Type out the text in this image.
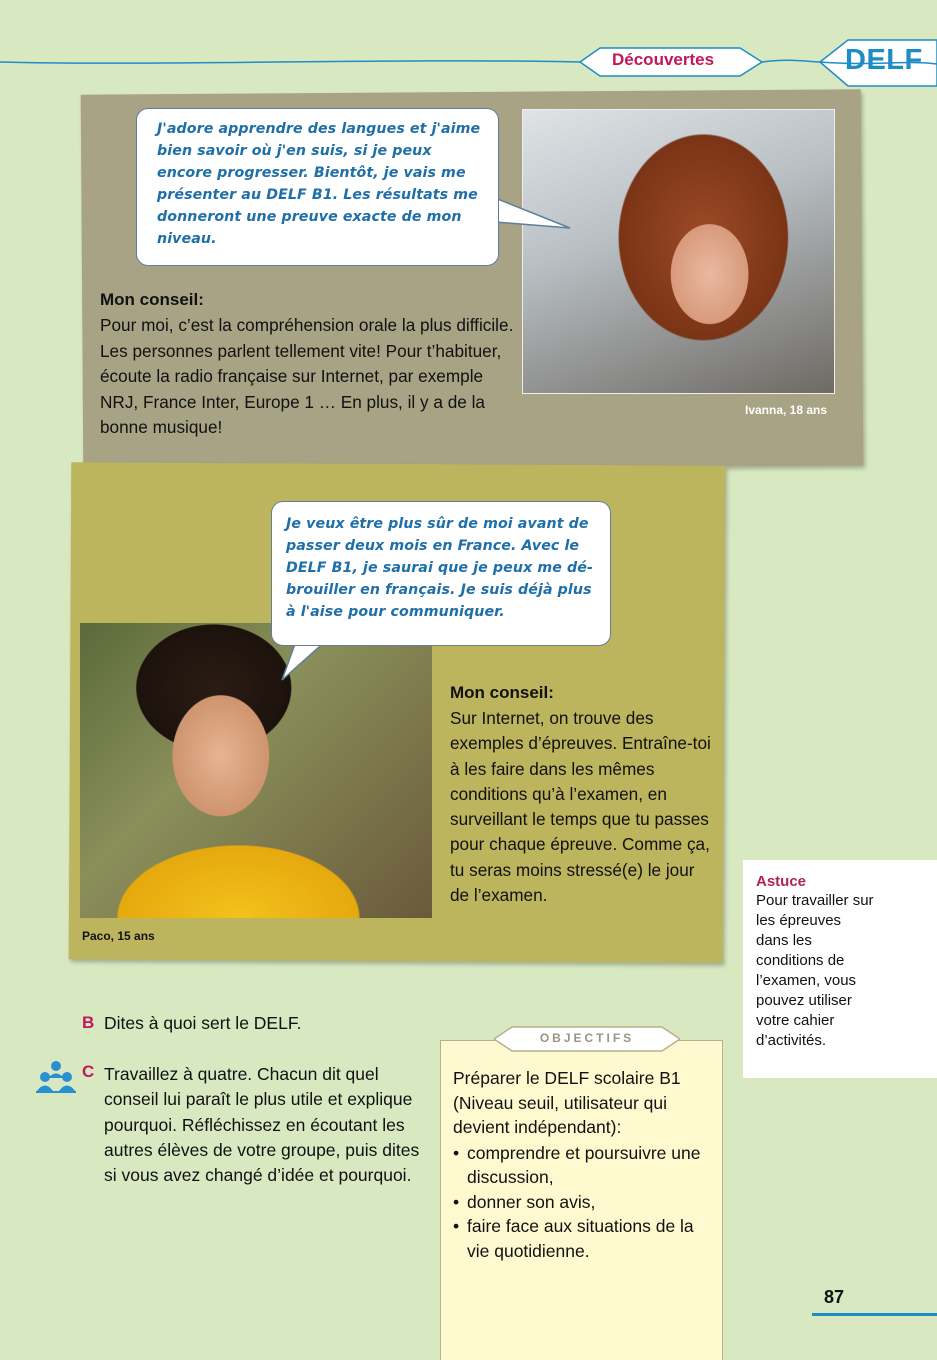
Découvertes	DELF
J'adore apprendre des langues et j'aime bien savoir où j'en suis, si je peux encore progresser. Bientôt, je vais me présenter au DELF B1. Les résultats me donneront une preuve exacte de mon niveau.
Ivanna, 18 ans
Mon conseil:
Pour moi, c’est la compréhension orale la plus difficile. Les personnes parlent tellement vite! Pour t’habituer, écoute la radio française sur Internet, par exemple NRJ, France Inter, Europe 1 … En plus, il y a de la bonne musique!
Je veux être plus sûr de moi avant de passer deux mois en France. Avec le DELF B1, je saurai que je peux me dé-brouiller en français. Je suis déjà plus à l'aise pour communiquer.
Paco, 15 ans
Mon conseil:
Sur Internet, on trouve des exemples d’épreuves. Entraîne-toi à les faire dans les mêmes conditions qu’à l’examen, en surveillant le temps que tu passes pour chaque épreuve. Comme ça, tu seras moins stressé(e) le jour de l’examen.
Astuce
Pour travailler sur les épreuves dans les conditions de l’examen, vous pouvez utiliser votre cahier d’activités.
B Dites à quoi sert le DELF.
C Travaillez à quatre. Chacun dit quel conseil lui paraît le plus utile et explique pourquoi. Réfléchissez en écoutant les autres élèves de votre groupe, puis dites si vous avez changé d’idée et pourquoi.
Préparer le DELF scolaire B1 (Niveau seuil, utilisateur qui devient indépendant):
• comprendre et poursuivre une discussion,
• donner son avis,
• faire face aux situations de la vie quotidienne.
OBJECTIFS
87
